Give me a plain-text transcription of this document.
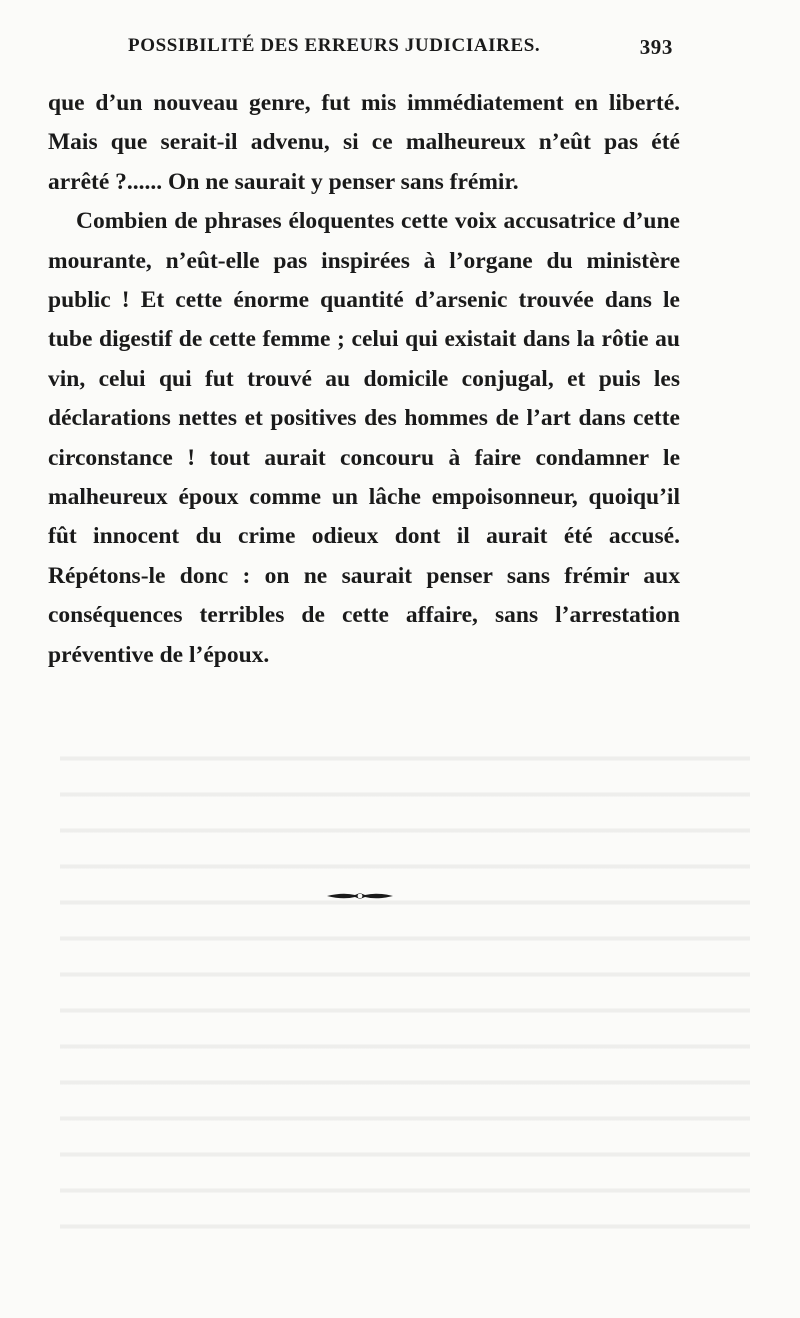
POSSIBILITÉ DES ERREURS JUDICIAIRES.	393

que d’un nouveau genre, fut mis immédiatement en liberté. Mais que serait-il advenu, si ce malheureux n’eût pas été arrêté ?...... On ne saurait y penser sans frémir.

Combien de phrases éloquentes cette voix accusatrice d’une mourante, n’eût-elle pas inspirées à l’organe du ministère public ! Et cette énorme quantité d’arsenic trouvée dans le tube digestif de cette femme ; celui qui existait dans la rôtie au vin, celui qui fut trouvé au domicile conjugal, et puis les déclarations nettes et positives des hommes de l’art dans cette circonstance ! tout aurait concouru à faire condamner le malheureux époux comme un lâche empoisonneur, quoiqu’il fût innocent du crime odieux dont il aurait été accusé. Répétons-le donc : on ne saurait penser sans frémir aux conséquences terribles de cette affaire, sans l’arrestation préventive de l’époux.
